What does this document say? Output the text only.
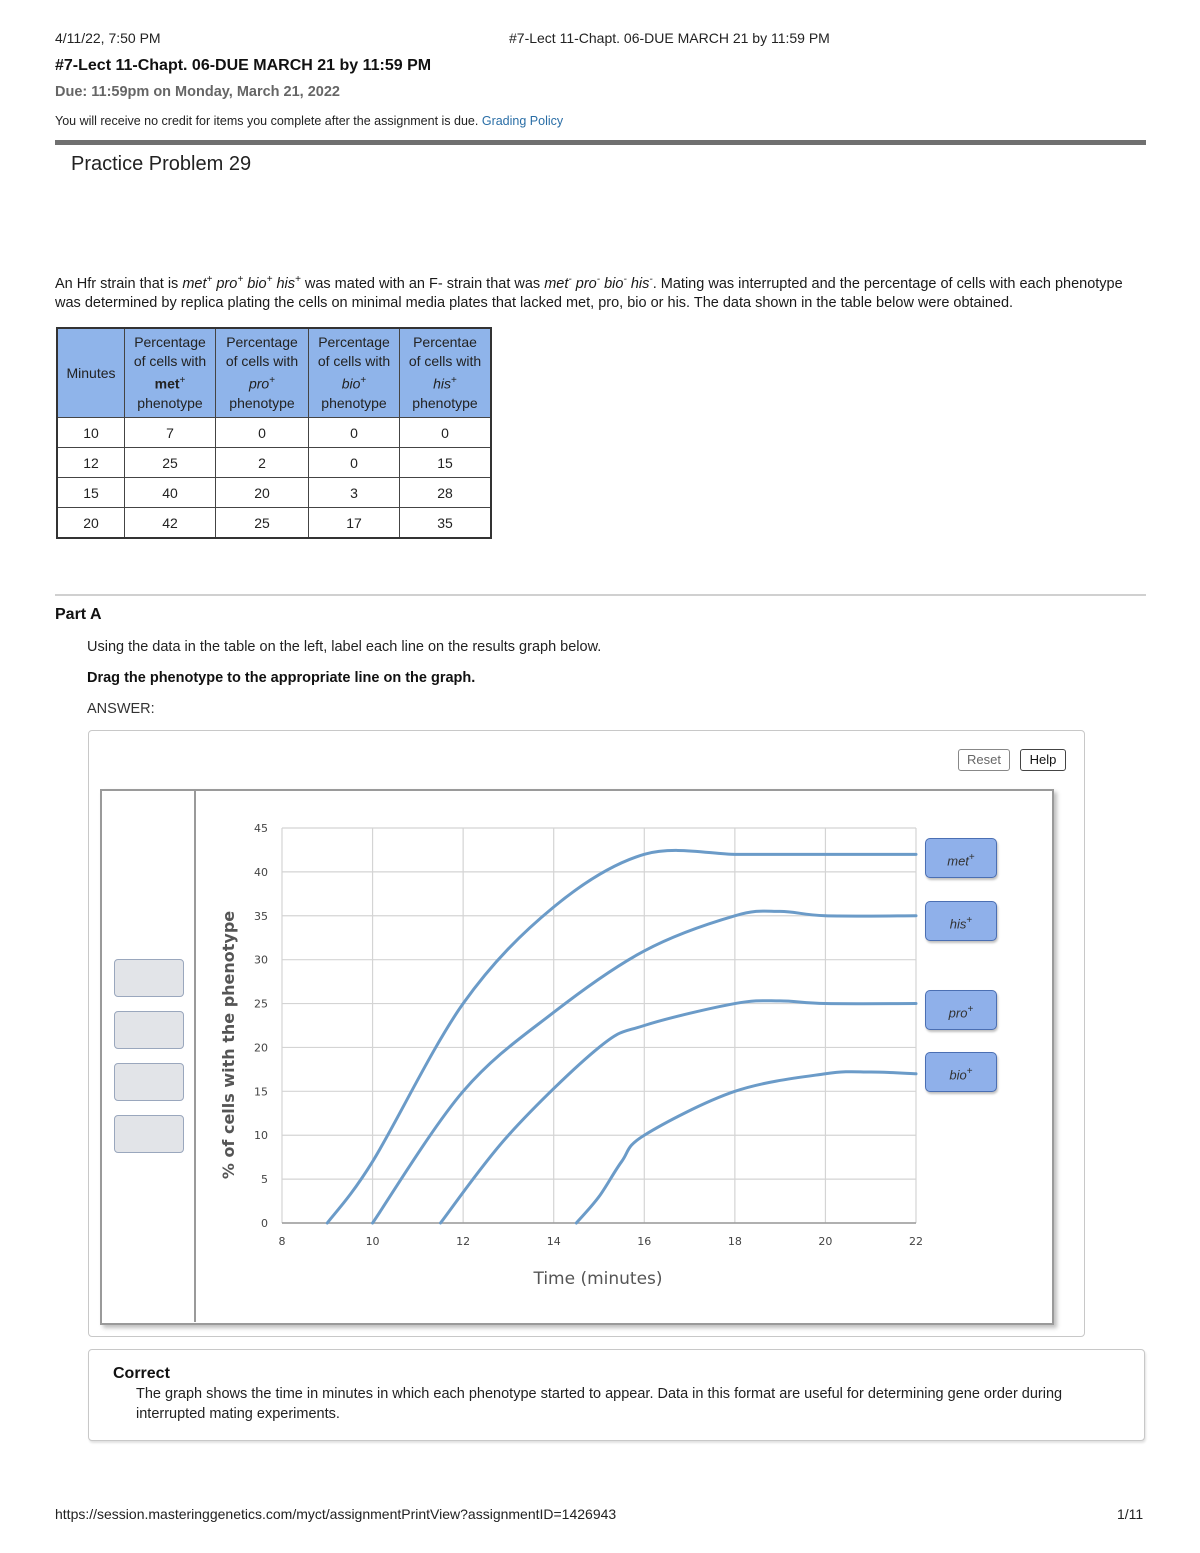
4/11/22, 7:50 PM	#7-Lect 11-Chapt. 06-DUE MARCH 21 by 11:59 PM
#7-Lect 11-Chapt. 06-DUE MARCH 21 by 11:59 PM
Due: 11:59pm on Monday, March 21, 2022
You will receive no credit for items you complete after the assignment is due. Grading Policy
Practice Problem 29
An Hfr strain that is met+ pro+ bio+ his+ was mated with an F- strain that was met- pro- bio- his-. Mating was interrupted and the percentage of cells with each phenotype was determined by replica plating the cells on minimal media plates that lacked met, pro, bio or his. The data shown in the table below were obtained.
Minutes	Percentage
of cells with
met+
phenotype	Percentage
of cells with
pro+
phenotype	Percentage
of cells with
bio+
phenotype	Percentae
of cells with
his+
phenotype
10	7	0	0	0
12	25	2	0	15
15	40	20	3	28
20	42	25	17	35
Part A
Using the data in the table on the left, label each line on the results graph below.
Drag the phenotype to the appropriate line on the graph.
ANSWER:
Reset	Help
0
5
10
15
20
25
30
35
40
45
8	10	12	14	16	18	20	22
Time (minutes)
% of cells with the phenotype
met+
his+
pro+
bio+
Correct
The graph shows the time in minutes in which each phenotype started to appear. Data in this format are useful for determining gene order during interrupted mating experiments.
https://session.masteringgenetics.com/myct/assignmentPrintView?assignmentID=1426943	1/11
